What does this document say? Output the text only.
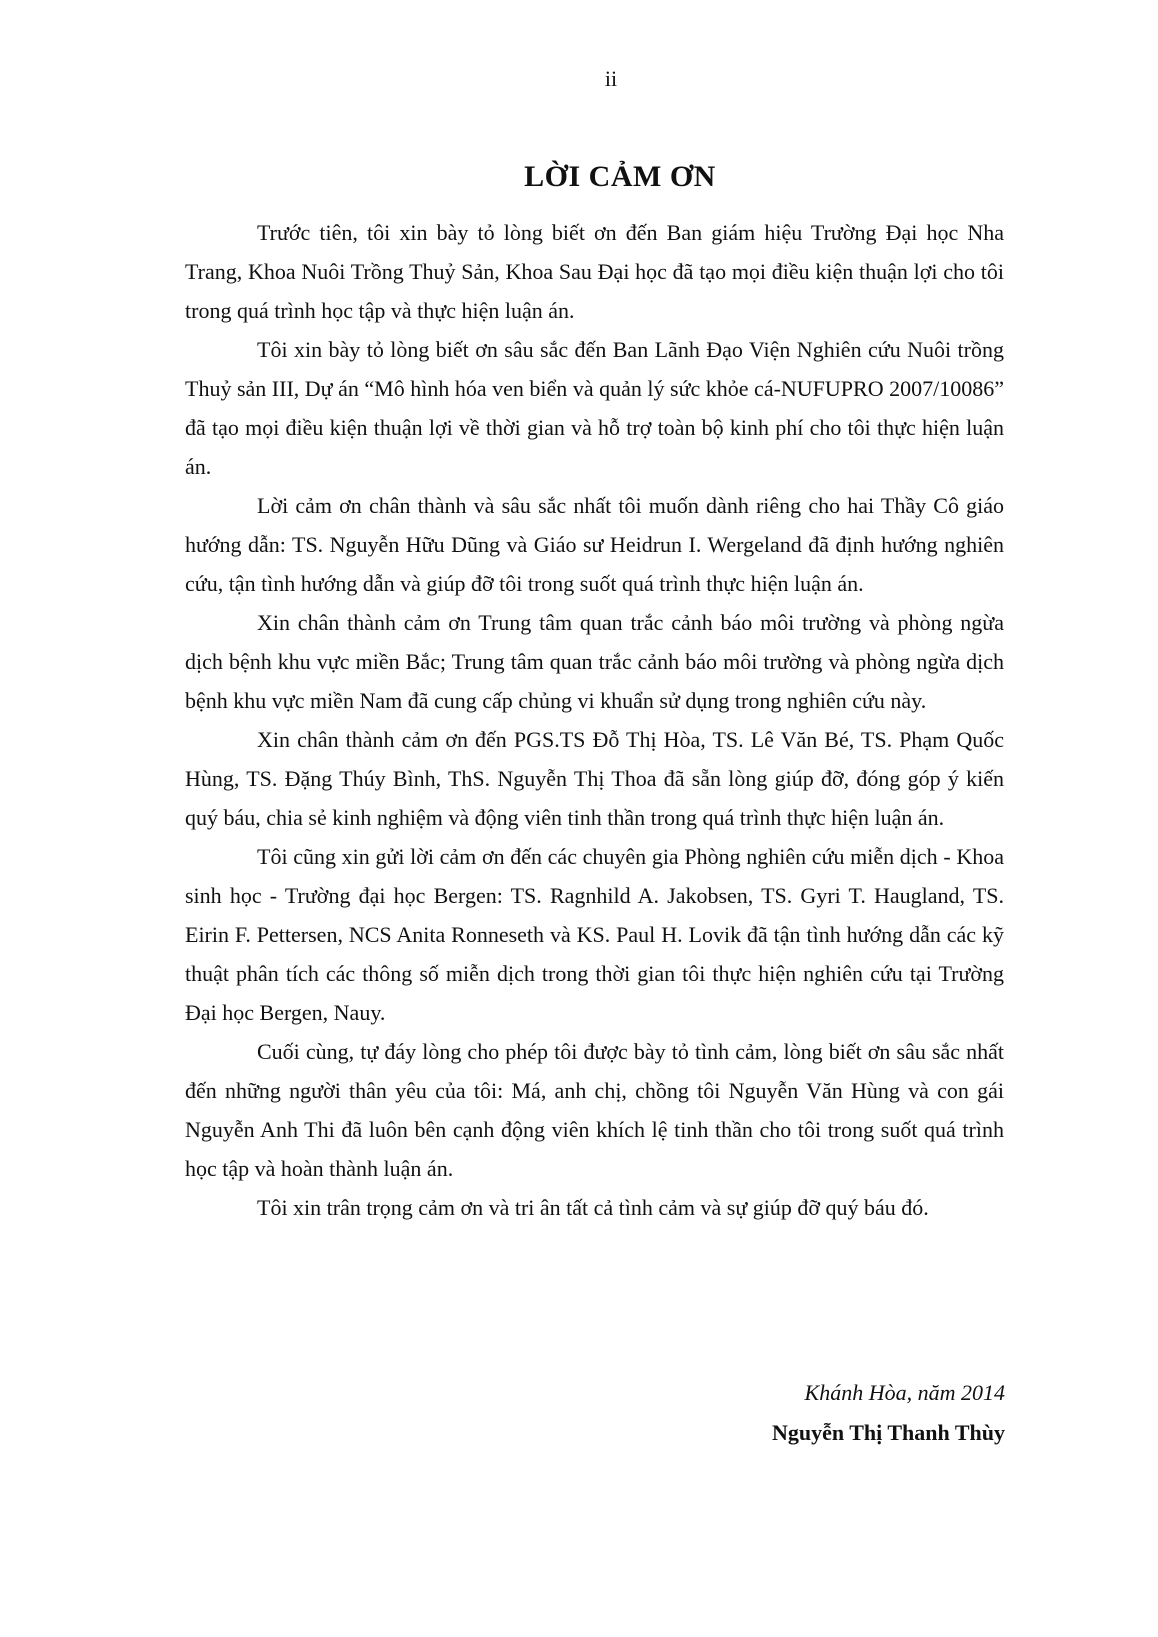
ii
LỜI CẢM ƠN

Trước tiên, tôi xin bày tỏ lòng biết ơn đến Ban giám hiệu Trường Đại học Nha Trang, Khoa Nuôi Trồng Thuỷ Sản, Khoa Sau Đại học đã tạo mọi điều kiện thuận lợi cho tôi trong quá trình học tập và thực hiện luận án.

Tôi xin bày tỏ lòng biết ơn sâu sắc đến Ban Lãnh Đạo Viện Nghiên cứu Nuôi trồng Thuỷ sản III, Dự án “Mô hình hóa ven biển và quản lý sức khỏe cá-NUFUPRO 2007/10086” đã tạo mọi điều kiện thuận lợi về thời gian và hỗ trợ toàn bộ kinh phí cho tôi thực hiện luận án.

Lời cảm ơn chân thành và sâu sắc nhất tôi muốn dành riêng cho hai Thầy Cô giáo hướng dẫn: TS. Nguyễn Hữu Dũng và Giáo sư Heidrun I. Wergeland đã định hướng nghiên cứu, tận tình hướng dẫn và giúp đỡ tôi trong suốt quá trình thực hiện luận án.

Xin chân thành cảm ơn Trung tâm quan trắc cảnh báo môi trường và phòng ngừa dịch bệnh khu vực miền Bắc; Trung tâm quan trắc cảnh báo môi trường và phòng ngừa dịch bệnh khu vực miền Nam đã cung cấp chủng vi khuẩn sử dụng trong nghiên cứu này.

Xin chân thành cảm ơn đến PGS.TS Đỗ Thị Hòa, TS. Lê Văn Bé, TS. Phạm Quốc Hùng, TS. Đặng Thúy Bình, ThS. Nguyễn Thị Thoa đã sẵn lòng giúp đỡ, đóng góp ý kiến quý báu, chia sẻ kinh nghiệm và động viên tinh thần trong quá trình thực hiện luận án.

Tôi cũng xin gửi lời cảm ơn đến các chuyên gia Phòng nghiên cứu miễn dịch - Khoa sinh học - Trường đại học Bergen: TS. Ragnhild A. Jakobsen, TS. Gyri T. Haugland, TS. Eirin F. Pettersen, NCS Anita Ronneseth và KS. Paul H. Lovik đã tận tình hướng dẫn các kỹ thuật phân tích các thông số miễn dịch trong thời gian tôi thực hiện nghiên cứu tại Trường Đại học Bergen, Nauy.

Cuối cùng, tự đáy lòng cho phép tôi được bày tỏ tình cảm, lòng biết ơn sâu sắc nhất đến những người thân yêu của tôi: Má, anh chị, chồng tôi Nguyễn Văn Hùng và con gái Nguyễn Anh Thi đã luôn bên cạnh động viên khích lệ tinh thần cho tôi trong suốt quá trình học tập và hoàn thành luận án.

Tôi xin trân trọng cảm ơn và tri ân tất cả tình cảm và sự giúp đỡ quý báu đó.

Khánh Hòa, năm 2014
Nguyễn Thị Thanh Thùy
